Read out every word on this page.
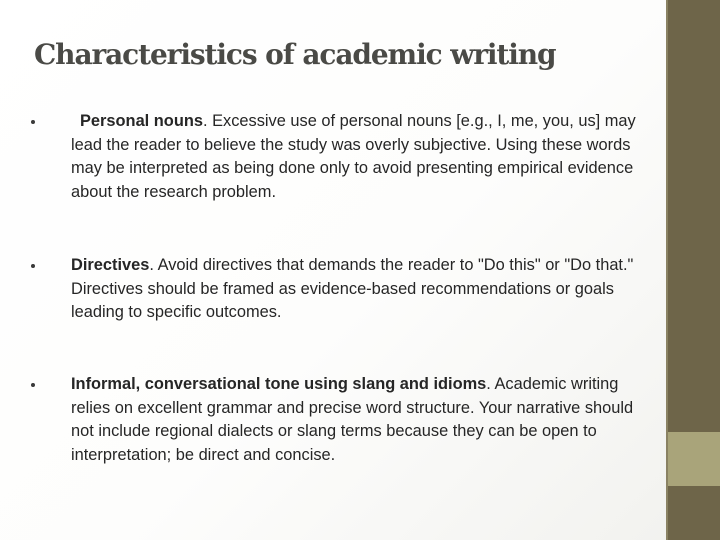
Characteristics of academic writing
Personal nouns. Excessive use of personal nouns [e.g., I, me, you, us] may lead the reader to believe the study was overly subjective. Using these words may be interpreted as being done only to avoid presenting empirical evidence about the research problem.
Directives. Avoid directives that demands the reader to "Do this" or "Do that." Directives should be framed as evidence-based recommendations or goals leading to specific outcomes.
Informal, conversational tone using slang and idioms. Academic writing relies on excellent grammar and precise word structure. Your narrative should not include regional dialects or slang terms because they can be open to interpretation; be direct and concise.
